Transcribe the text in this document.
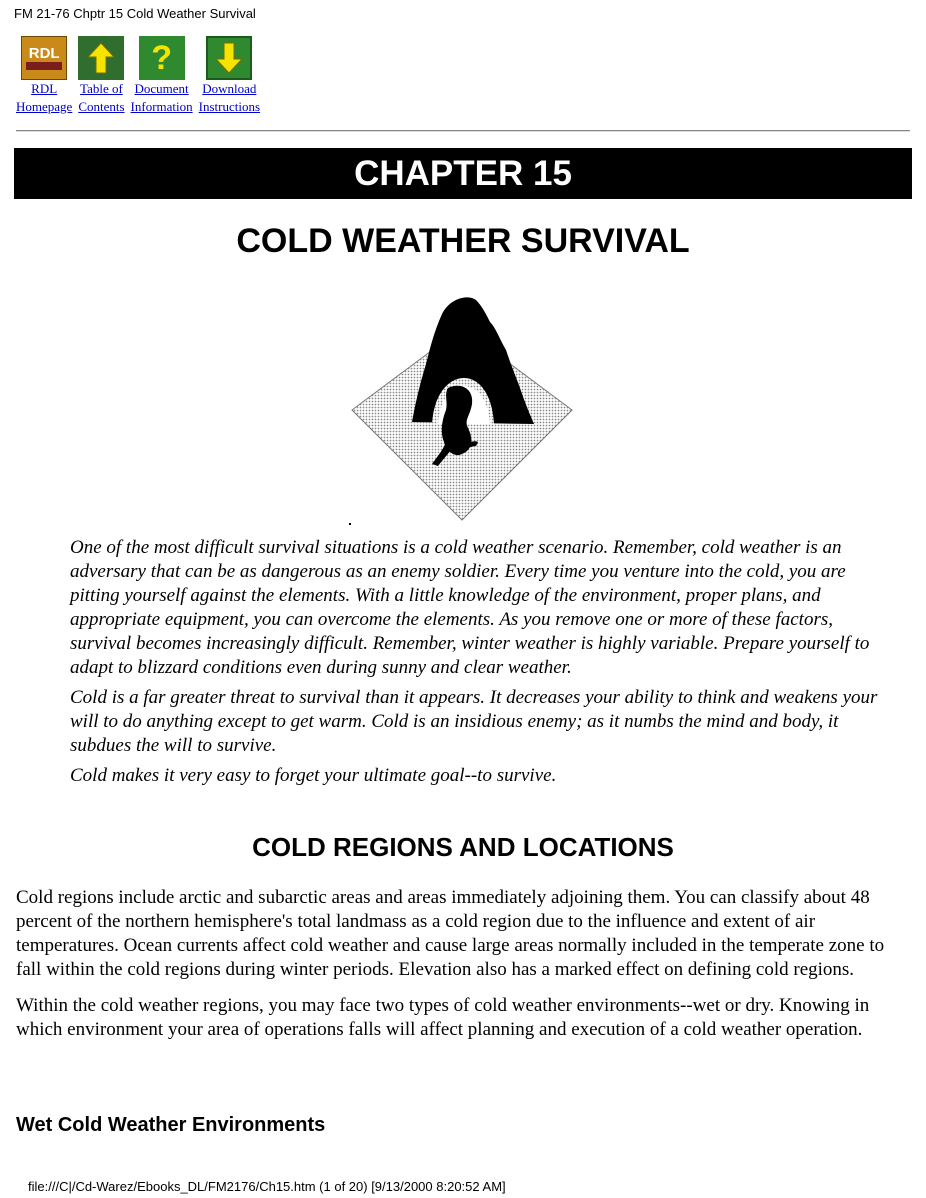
FM 21-76 Chptr 15 Cold Weather Survival
RDL
RDL
Homepage
Table of
Contents
?
Document
Information
Download
Instructions
CHAPTER 15
COLD WEATHER SURVIVAL

One of the most difficult survival situations is a cold weather scenario. Remember, cold weather is an adversary that can be as dangerous as an enemy soldier. Every time you venture into the cold, you are pitting yourself against the elements. With a little knowledge of the environment, proper plans, and appropriate equipment, you can overcome the elements. As you remove one or more of these factors, survival becomes increasingly difficult. Remember, winter weather is highly variable. Prepare yourself to adapt to blizzard conditions even during sunny and clear weather.

Cold is a far greater threat to survival than it appears. It decreases your ability to think and weakens your will to do anything except to get warm. Cold is an insidious enemy; as it numbs the mind and body, it subdues the will to survive.

Cold makes it very easy to forget your ultimate goal--to survive.

COLD REGIONS AND LOCATIONS

Cold regions include arctic and subarctic areas and areas immediately adjoining them. You can classify about 48 percent of the northern hemisphere's total landmass as a cold region due to the influence and extent of air temperatures. Ocean currents affect cold weather and cause large areas normally included in the temperate zone to fall within the cold regions during winter periods. Elevation also has a marked effect on defining cold regions.

Within the cold weather regions, you may face two types of cold weather environments--wet or dry. Knowing in which environment your area of operations falls will affect planning and execution of a cold weather operation.

Wet Cold Weather Environments
file:///C|/Cd-Warez/Ebooks_DL/FM2176/Ch15.htm (1 of 20) [9/13/2000 8:20:52 AM]
